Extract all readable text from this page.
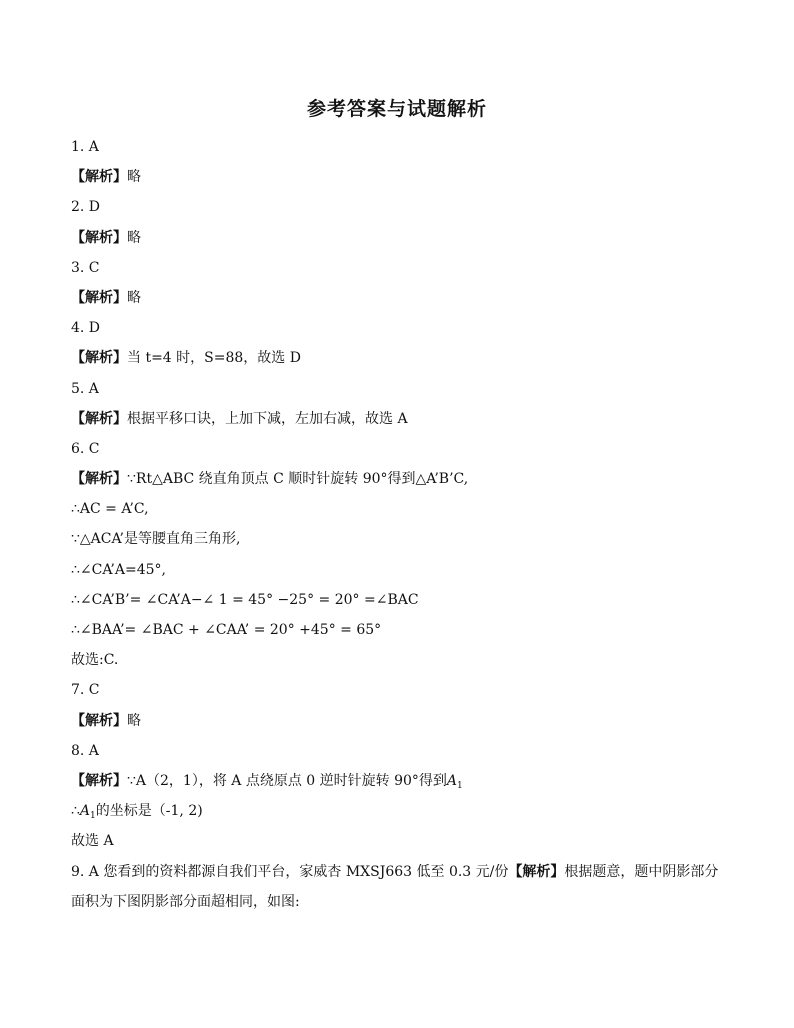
参考答案与试题解析
1. A
【解析】略
2. D
【解析】略
3. C
【解析】略
4. D
【解析】当 t=4 时，S=88，故选 D
5. A
【解析】根据平移口诀，上加下减，左加右减，故选 A
6. C
【解析】∵Rt△ABC 绕直角顶点 C 顺时针旋转 90°得到△A’B’C,
∴AC = A’C,
∵△ACA’是等腰直角三角形,
∴∠CA’A=45°,
∴∠CA’B’= ∠CA’A−∠ 1 = 45° −25° = 20° =∠BAC
∴∠BAA’= ∠BAC + ∠CAA’ = 20° +45° = 65°
故选:C.
7. C
【解析】略
8. A
【解析】∵A（2，1），将 A 点绕原点 0 逆时针旋转 90°得到$A_1$
$\therefore A_1$的坐标是（-1, 2)
故选 A
9. A 您看到的资料都源自我们平台，家威杏 MXSJ663 低至 0.3 元/份【解析】根据题意，题中阴影部分
面积为下图阴影部分面超相同，如图:
